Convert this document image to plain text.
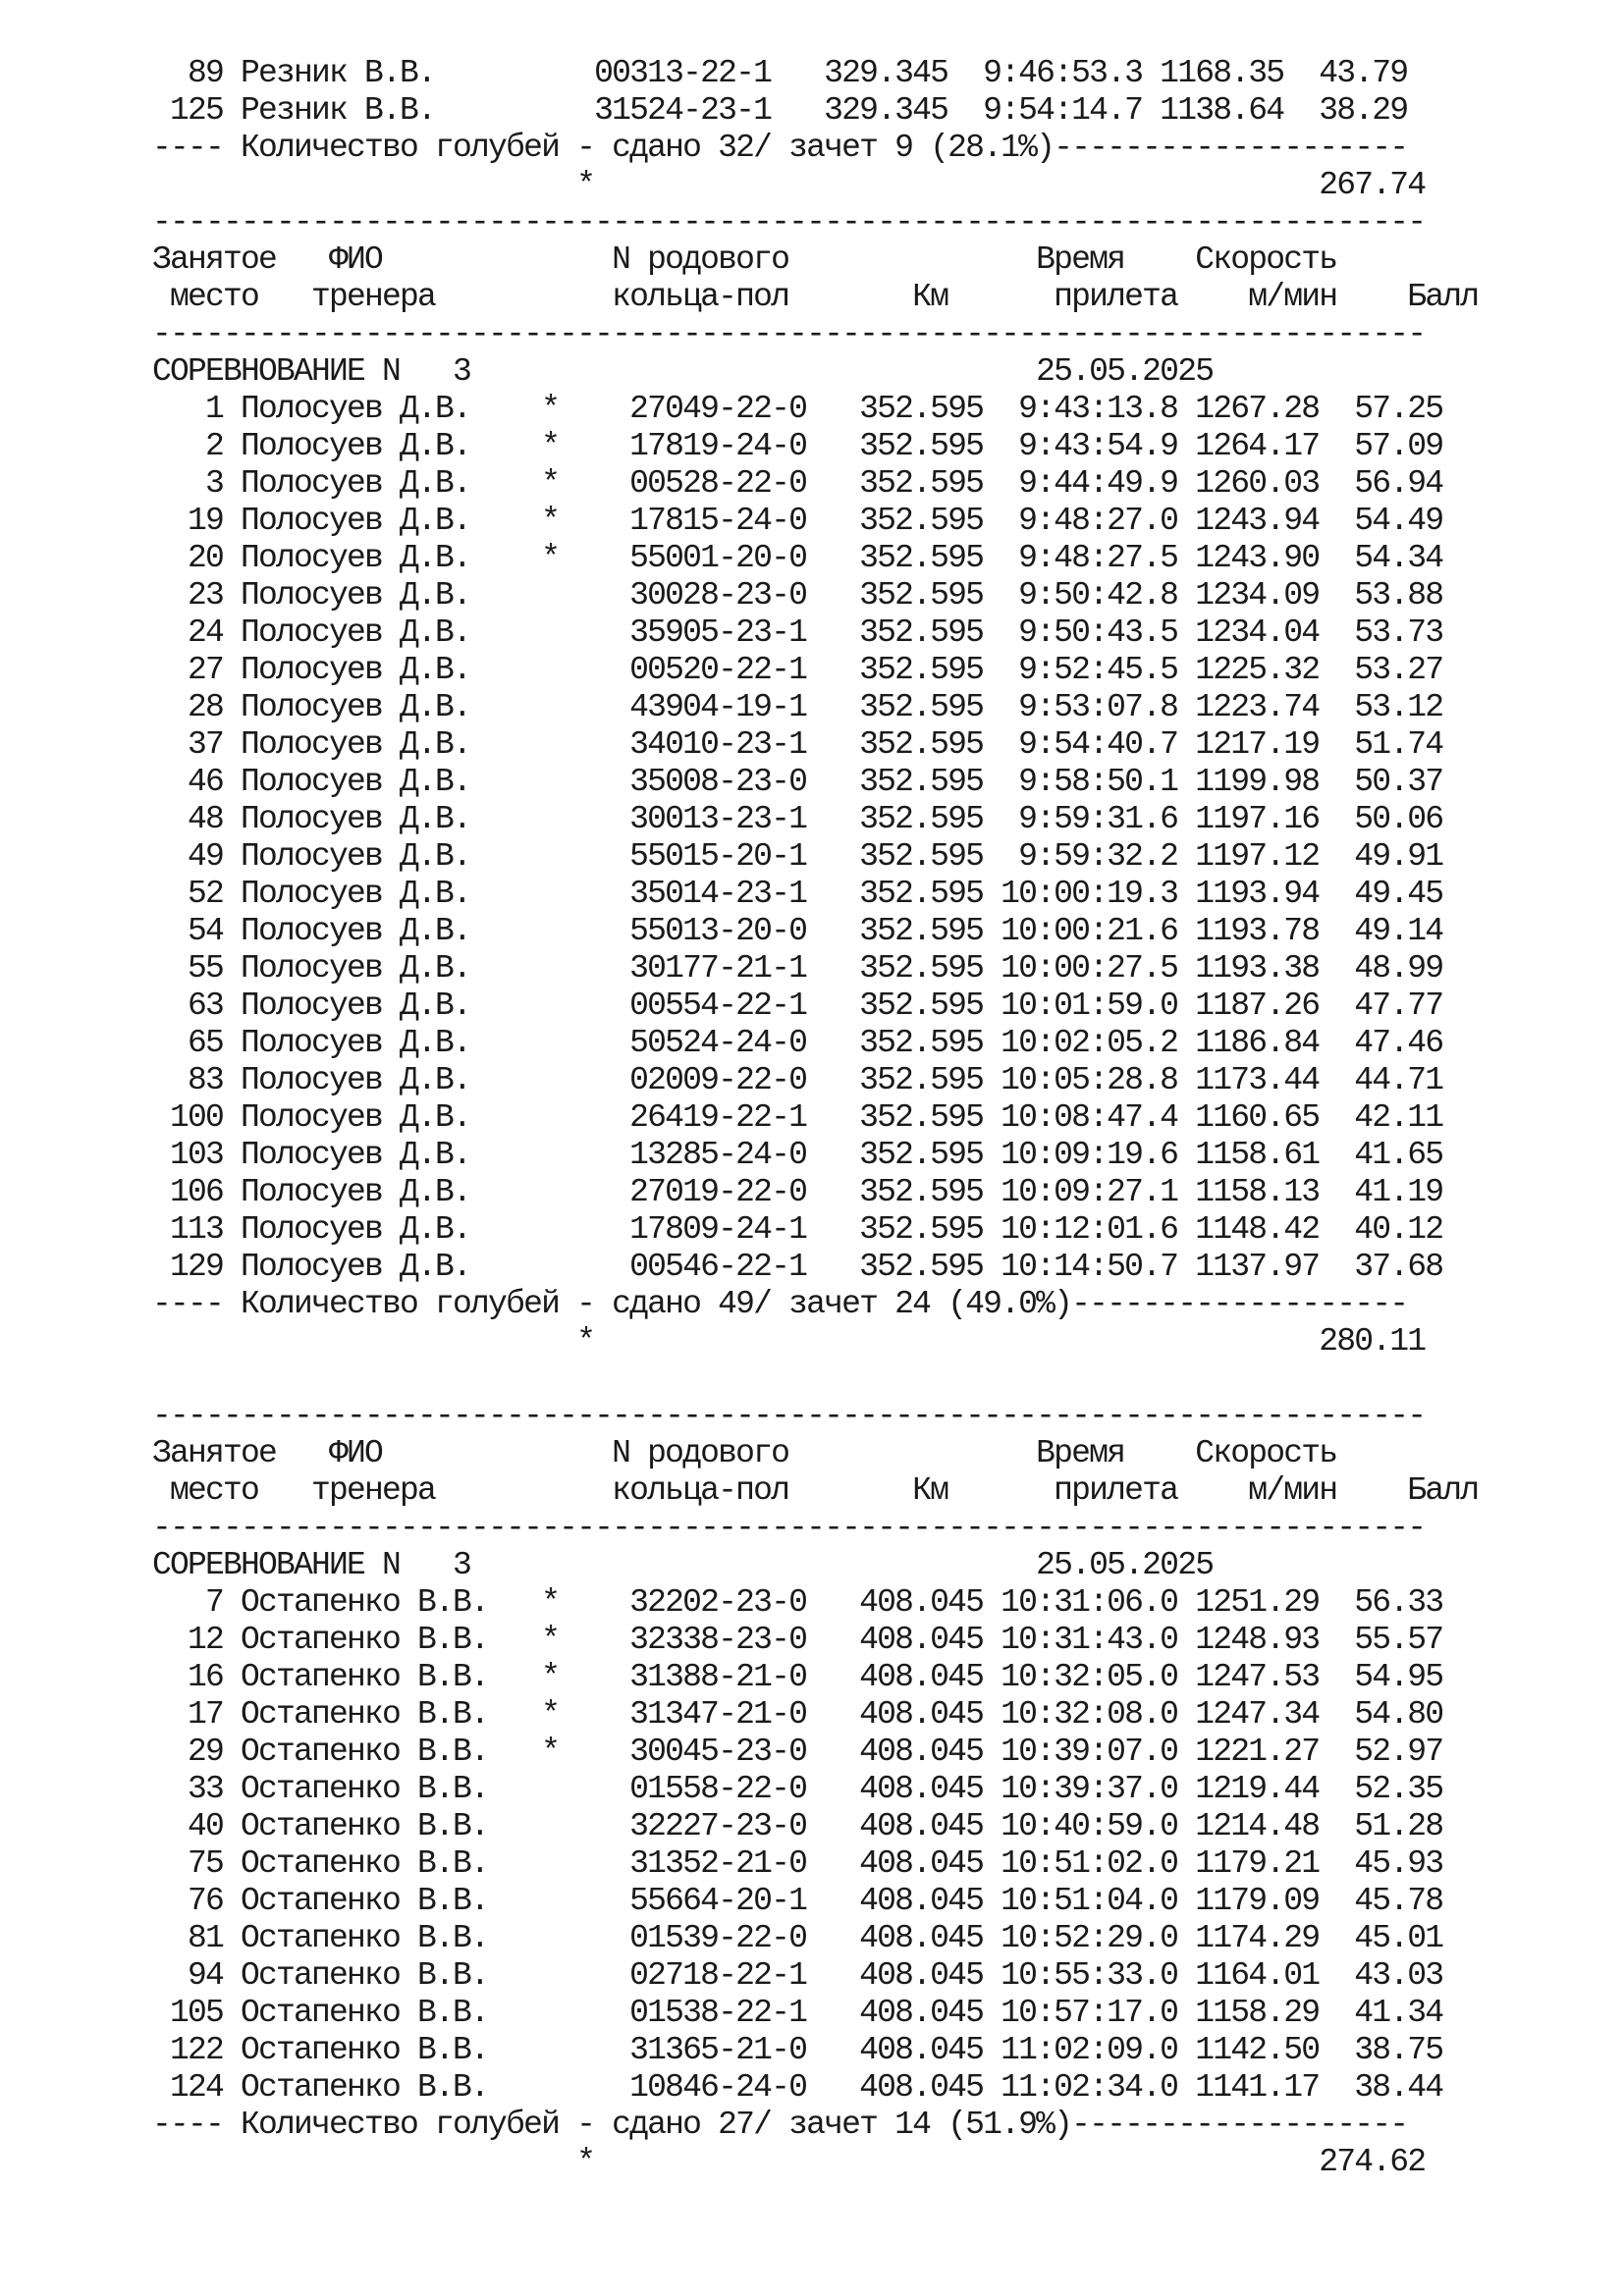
89 Резник В.В.         00313-22-1   329.345  9:46:53.3 1168.35  43.79
125 Резник В.В.         31524-23-1   329.345  9:54:14.7 1138.64  38.29
---- Количество голубей - сдано 32/ зачет 9 (28.1%)--------------------
*                                         267.74
------------------------------------------------------------------------
Занятое   ФИО             N родового              Время    Скорость
место   тренера          кольца-пол       Км      прилета    м/мин    Балл
------------------------------------------------------------------------
СОРЕВНОВАНИЕ N   3                                25.05.2025
1 Полосуев Д.В.    *    27049-22-0   352.595  9:43:13.8 1267.28  57.25
2 Полосуев Д.В.    *    17819-24-0   352.595  9:43:54.9 1264.17  57.09
3 Полосуев Д.В.    *    00528-22-0   352.595  9:44:49.9 1260.03  56.94
19 Полосуев Д.В.    *    17815-24-0   352.595  9:48:27.0 1243.94  54.49
20 Полосуев Д.В.    *    55001-20-0   352.595  9:48:27.5 1243.90  54.34
23 Полосуев Д.В.         30028-23-0   352.595  9:50:42.8 1234.09  53.88
24 Полосуев Д.В.         35905-23-1   352.595  9:50:43.5 1234.04  53.73
27 Полосуев Д.В.         00520-22-1   352.595  9:52:45.5 1225.32  53.27
28 Полосуев Д.В.         43904-19-1   352.595  9:53:07.8 1223.74  53.12
37 Полосуев Д.В.         34010-23-1   352.595  9:54:40.7 1217.19  51.74
46 Полосуев Д.В.         35008-23-0   352.595  9:58:50.1 1199.98  50.37
48 Полосуев Д.В.         30013-23-1   352.595  9:59:31.6 1197.16  50.06
49 Полосуев Д.В.         55015-20-1   352.595  9:59:32.2 1197.12  49.91
52 Полосуев Д.В.         35014-23-1   352.595 10:00:19.3 1193.94  49.45
54 Полосуев Д.В.         55013-20-0   352.595 10:00:21.6 1193.78  49.14
55 Полосуев Д.В.         30177-21-1   352.595 10:00:27.5 1193.38  48.99
63 Полосуев Д.В.         00554-22-1   352.595 10:01:59.0 1187.26  47.77
65 Полосуев Д.В.         50524-24-0   352.595 10:02:05.2 1186.84  47.46
83 Полосуев Д.В.         02009-22-0   352.595 10:05:28.8 1173.44  44.71
100 Полосуев Д.В.         26419-22-1   352.595 10:08:47.4 1160.65  42.11
103 Полосуев Д.В.         13285-24-0   352.595 10:09:19.6 1158.61  41.65
106 Полосуев Д.В.         27019-22-0   352.595 10:09:27.1 1158.13  41.19
113 Полосуев Д.В.         17809-24-1   352.595 10:12:01.6 1148.42  40.12
129 Полосуев Д.В.         00546-22-1   352.595 10:14:50.7 1137.97  37.68
---- Количество голубей - сдано 49/ зачет 24 (49.0%)-------------------
*                                         280.11
------------------------------------------------------------------------
Занятое   ФИО             N родового              Время    Скорость
место   тренера          кольца-пол       Км      прилета    м/мин    Балл
------------------------------------------------------------------------
СОРЕВНОВАНИЕ N   3                                25.05.2025
7 Остапенко В.В.   *    32202-23-0   408.045 10:31:06.0 1251.29  56.33
12 Остапенко В.В.   *    32338-23-0   408.045 10:31:43.0 1248.93  55.57
16 Остапенко В.В.   *    31388-21-0   408.045 10:32:05.0 1247.53  54.95
17 Остапенко В.В.   *    31347-21-0   408.045 10:32:08.0 1247.34  54.80
29 Остапенко В.В.   *    30045-23-0   408.045 10:39:07.0 1221.27  52.97
33 Остапенко В.В.        01558-22-0   408.045 10:39:37.0 1219.44  52.35
40 Остапенко В.В.        32227-23-0   408.045 10:40:59.0 1214.48  51.28
75 Остапенко В.В.        31352-21-0   408.045 10:51:02.0 1179.21  45.93
76 Остапенко В.В.        55664-20-1   408.045 10:51:04.0 1179.09  45.78
81 Остапенко В.В.        01539-22-0   408.045 10:52:29.0 1174.29  45.01
94 Остапенко В.В.        02718-22-1   408.045 10:55:33.0 1164.01  43.03
105 Остапенко В.В.        01538-22-1   408.045 10:57:17.0 1158.29  41.34
122 Остапенко В.В.        31365-21-0   408.045 11:02:09.0 1142.50  38.75
124 Остапенко В.В.        10846-24-0   408.045 11:02:34.0 1141.17  38.44
---- Количество голубей - сдано 27/ зачет 14 (51.9%)-------------------
*                                         274.62
